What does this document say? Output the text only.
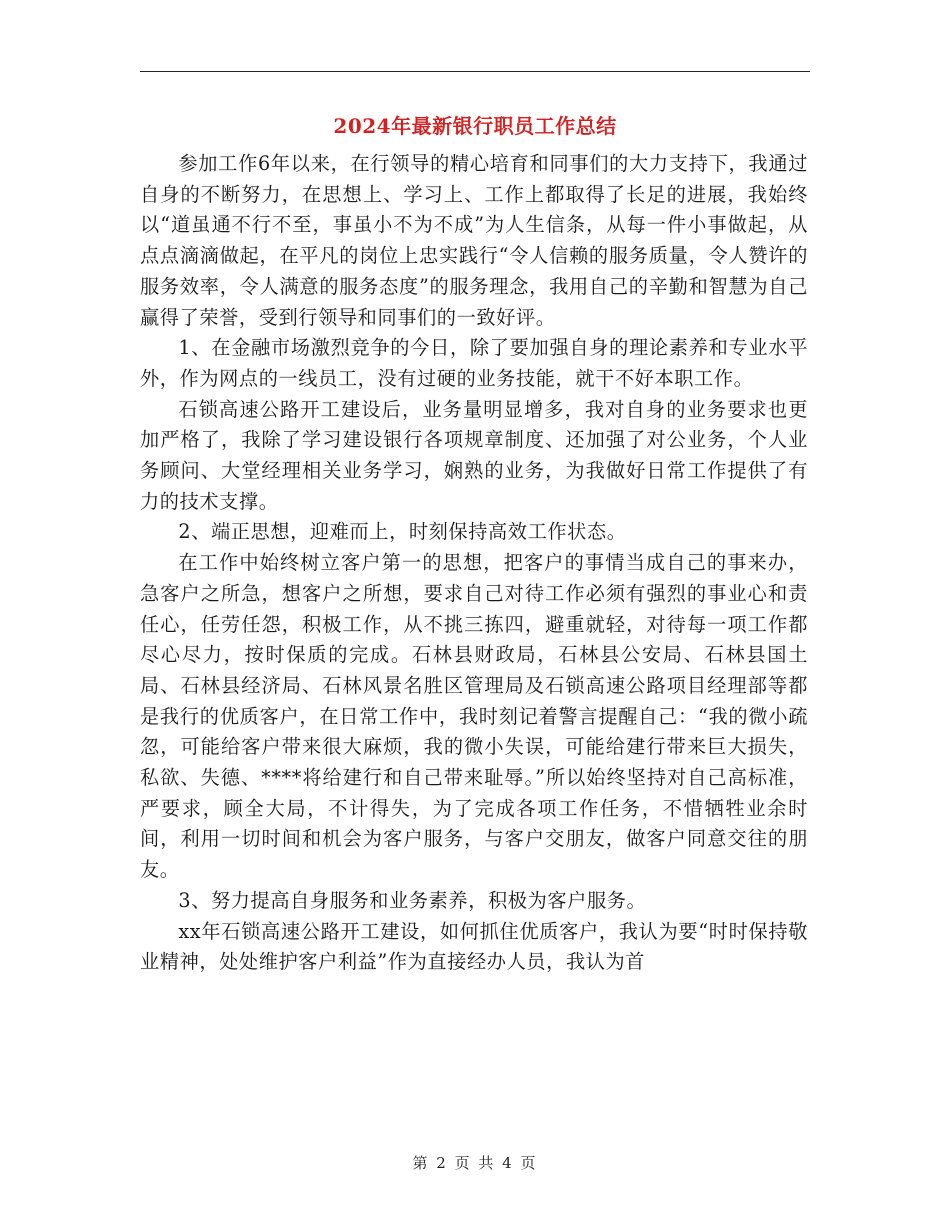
2024年最新银行职员工作总结

参加工作6年以来，在行领导的精心培育和同事们的大力支持下，我通过自身的不断努力，在思想上、学习上、工作上都取得了长足的进展，我始终以“道虽通不行不至，事虽小不为不成”为人生信条，从每一件小事做起，从点点滴滴做起，在平凡的岗位上忠实践行“令人信赖的服务质量，令人赞许的服务效率，令人满意的服务态度”的服务理念，我用自己的辛勤和智慧为自己赢得了荣誉，受到行领导和同事们的一致好评。

1、在金融市场激烈竞争的今日，除了要加强自身的理论素养和专业水平外，作为网点的一线员工，没有过硬的业务技能，就干不好本职工作。

石锁高速公路开工建设后，业务量明显增多，我对自身的业务要求也更加严格了，我除了学习建设银行各项规章制度、还加强了对公业务，个人业务顾问、大堂经理相关业务学习，娴熟的业务，为我做好日常工作提供了有力的技术支撑。

2、端正思想，迎难而上，时刻保持高效工作状态。

在工作中始终树立客户第一的思想，把客户的事情当成自己的事来办，急客户之所急，想客户之所想，要求自己对待工作必须有强烈的事业心和责任心，任劳任怨，积极工作，从不挑三拣四，避重就轻，对待每一项工作都尽心尽力，按时保质的完成。石林县财政局，石林县公安局、石林县国土局、石林县经济局、石林风景名胜区管理局及石锁高速公路项目经理部等都是我行的优质客户，在日常工作中，我时刻记着警言提醒自己：“我的微小疏忽，可能给客户带来很大麻烦，我的微小失误，可能给建行带来巨大损失，私欲、失德、****将给建行和自己带来耻辱。”所以始终坚持对自己高标准，严要求，顾全大局，不计得失，为了完成各项工作任务，不惜牺牲业余时间，利用一切时间和机会为客户服务，与客户交朋友，做客户同意交往的朋友。

3、努力提高自身服务和业务素养，积极为客户服务。

xx年石锁高速公路开工建设，如何抓住优质客户，我认为要“时时保持敬业精神，处处维护客户利益”作为直接经办人员，我认为首

第 2 页 共 4 页
